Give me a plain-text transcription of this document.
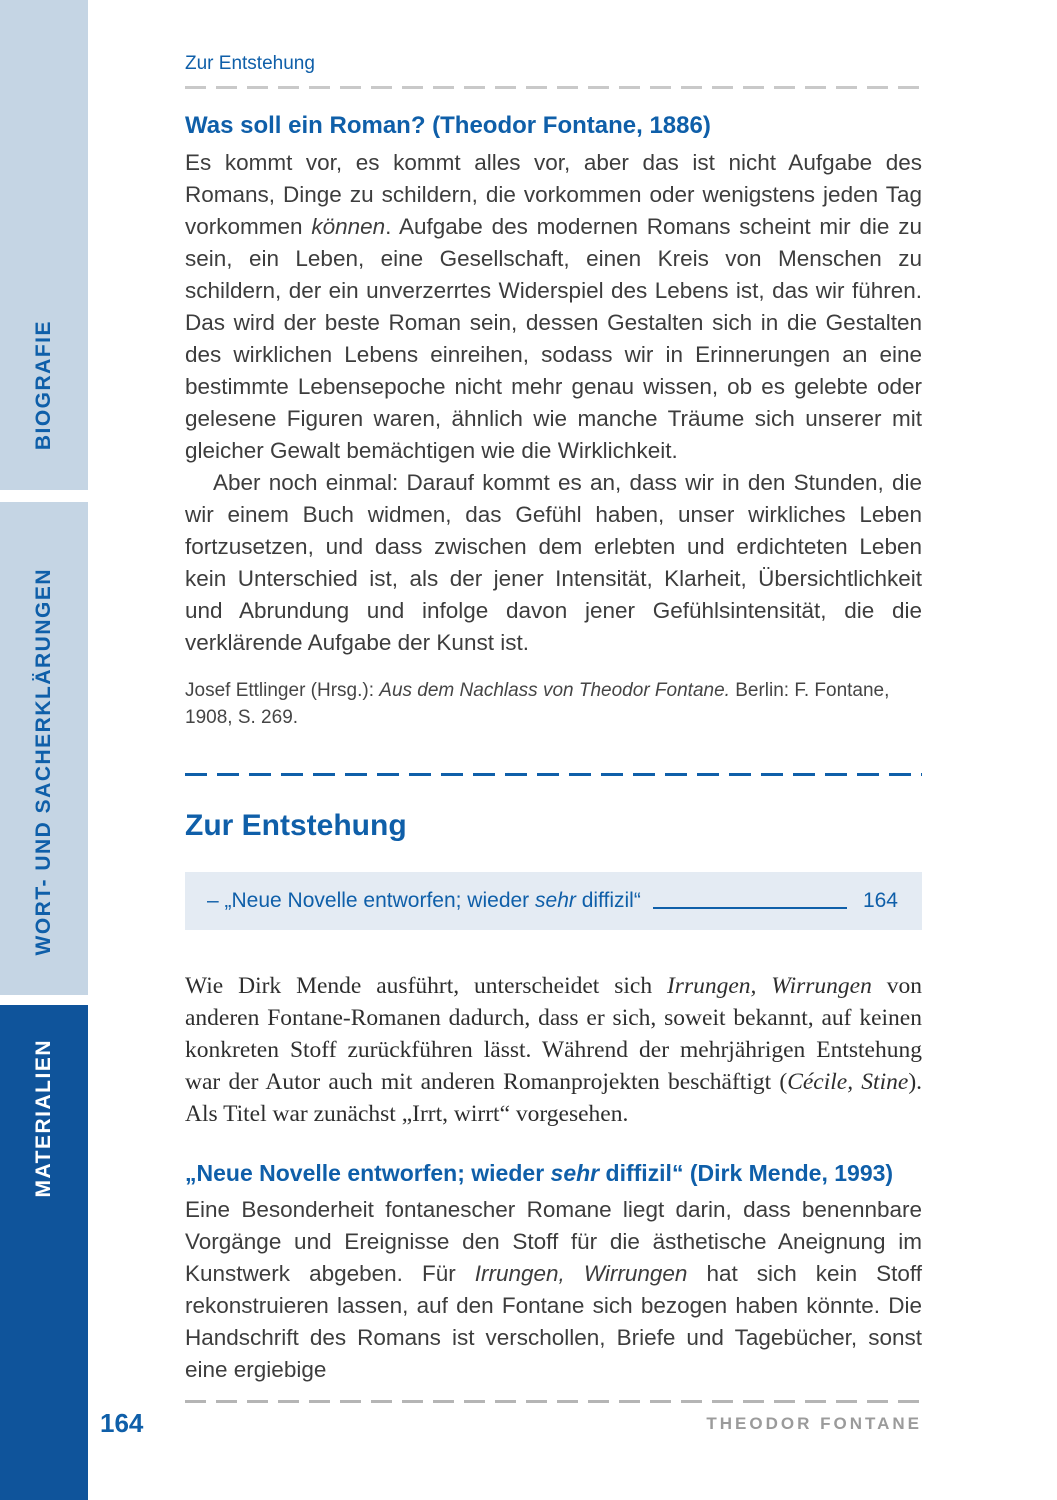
BIOGRAFIE
WORT- UND SACHERKLÄRUNGEN
MATERIALIEN
Zur Entstehung
Was soll ein Roman? (Theodor Fontane, 1886)

Es kommt vor, es kommt alles vor, aber das ist nicht Aufgabe des Romans, Dinge zu schildern, die vorkommen oder wenigstens jeden Tag vorkommen können. Aufgabe des modernen Romans scheint mir die zu sein, ein Leben, eine Gesellschaft, einen Kreis von Menschen zu schildern, der ein unverzerrtes Widerspiel des Lebens ist, das wir führen. Das wird der beste Roman sein, dessen Gestalten sich in die Gestalten des wirklichen Lebens einreihen, sodass wir in Erinnerungen an eine bestimmte Lebensepoche nicht mehr genau wissen, ob es gelebte oder gelesene Figuren waren, ähnlich wie manche Träume sich unserer mit gleicher Gewalt bemächtigen wie die Wirklichkeit.

Aber noch einmal: Darauf kommt es an, dass wir in den Stunden, die wir einem Buch widmen, das Gefühl haben, unser wirkliches Leben fortzusetzen, und dass zwischen dem erlebten und erdichteten Leben kein Unterschied ist, als der jener Intensität, Klarheit, Übersichtlichkeit und Abrundung und infolge davon jener Gefühlsintensität, die die verklärende Aufgabe der Kunst ist.

Josef Ettlinger (Hrsg.): Aus dem Nachlass von Theodor Fontane. Berlin: F. Fontane, 1908, S. 269.

Zur Entstehung
– „Neue Novelle entworfen; wieder sehr diffizil“	164

Wie Dirk Mende ausführt, unterscheidet sich Irrungen, Wirrungen von anderen Fontane-Romanen dadurch, dass er sich, soweit bekannt, auf keinen konkreten Stoff zurückführen lässt. Während der mehrjährigen Entstehung war der Autor auch mit anderen Romanprojekten beschäftigt (Cécile, Stine). Als Titel war zunächst „Irrt, wirrt“ vorgesehen.

„Neue Novelle entworfen; wieder sehr diffizil“ (Dirk Mende, 1993)

Eine Besonderheit fontanescher Romane liegt darin, dass benennbare Vorgänge und Ereignisse den Stoff für die ästhetische Aneignung im Kunstwerk abgeben. Für Irrungen, Wirrungen hat sich kein Stoff rekonstruieren lassen, auf den Fontane sich bezogen haben könnte. Die Handschrift des Romans ist verschollen, Briefe und Tagebücher, sonst eine ergiebige

164	THEODOR FONTANE
